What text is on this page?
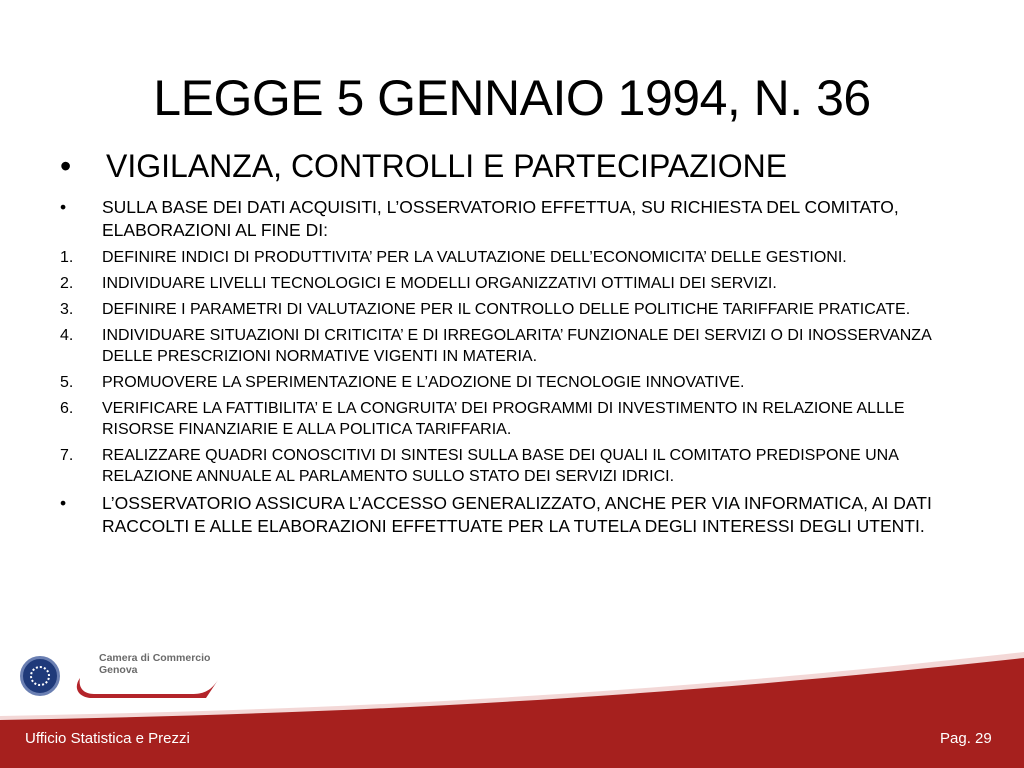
LEGGE 5 GENNAIO 1994, N. 36
• VIGILANZA, CONTROLLI E PARTECIPAZIONE
• SULLA BASE DEI DATI ACQUISITI, L’OSSERVATORIO EFFETTUA, SU RICHIESTA DEL COMITATO, ELABORAZIONI AL FINE DI:
1. DEFINIRE INDICI DI PRODUTTIVITA’ PER LA VALUTAZIONE DELL’ECONOMICITA’ DELLE GESTIONI.
2. INDIVIDUARE LIVELLI TECNOLOGICI E MODELLI ORGANIZZATIVI OTTIMALI DEI SERVIZI.
3. DEFINIRE I PARAMETRI DI VALUTAZIONE PER IL CONTROLLO DELLE POLITICHE TARIFFARIE PRATICATE.
4. INDIVIDUARE SITUAZIONI DI CRITICITA’ E DI IRREGOLARITA’ FUNZIONALE DEI SERVIZI O DI INOSSERVANZA DELLE PRESCRIZIONI NORMATIVE VIGENTI IN MATERIA.
5. PROMUOVERE LA SPERIMENTAZIONE E L’ADOZIONE DI TECNOLOGIE INNOVATIVE.
6. VERIFICARE LA FATTIBILITA’ E LA CONGRUITA’ DEI PROGRAMMI DI INVESTIMENTO IN RELAZIONE ALLLE RISORSE FINANZIARIE E ALLA POLITICA TARIFFARIA.
7. REALIZZARE QUADRI CONOSCITIVI DI SINTESI SULLA BASE DEI QUALI IL COMITATO PREDISPONE UNA RELAZIONE ANNUALE AL PARLAMENTO SULLO STATO DEI SERVIZI IDRICI.
• L’OSSERVATORIO ASSICURA L’ACCESSO GENERALIZZATO, ANCHE PER VIA INFORMATICA, AI DATI RACCOLTI E ALLE ELABORAZIONI EFFETTUATE PER LA TUTELA DEGLI INTERESSI DEGLI UTENTI.
Camera di Commercio
Genova
Ufficio Statistica e Prezzi	Pag. 29
